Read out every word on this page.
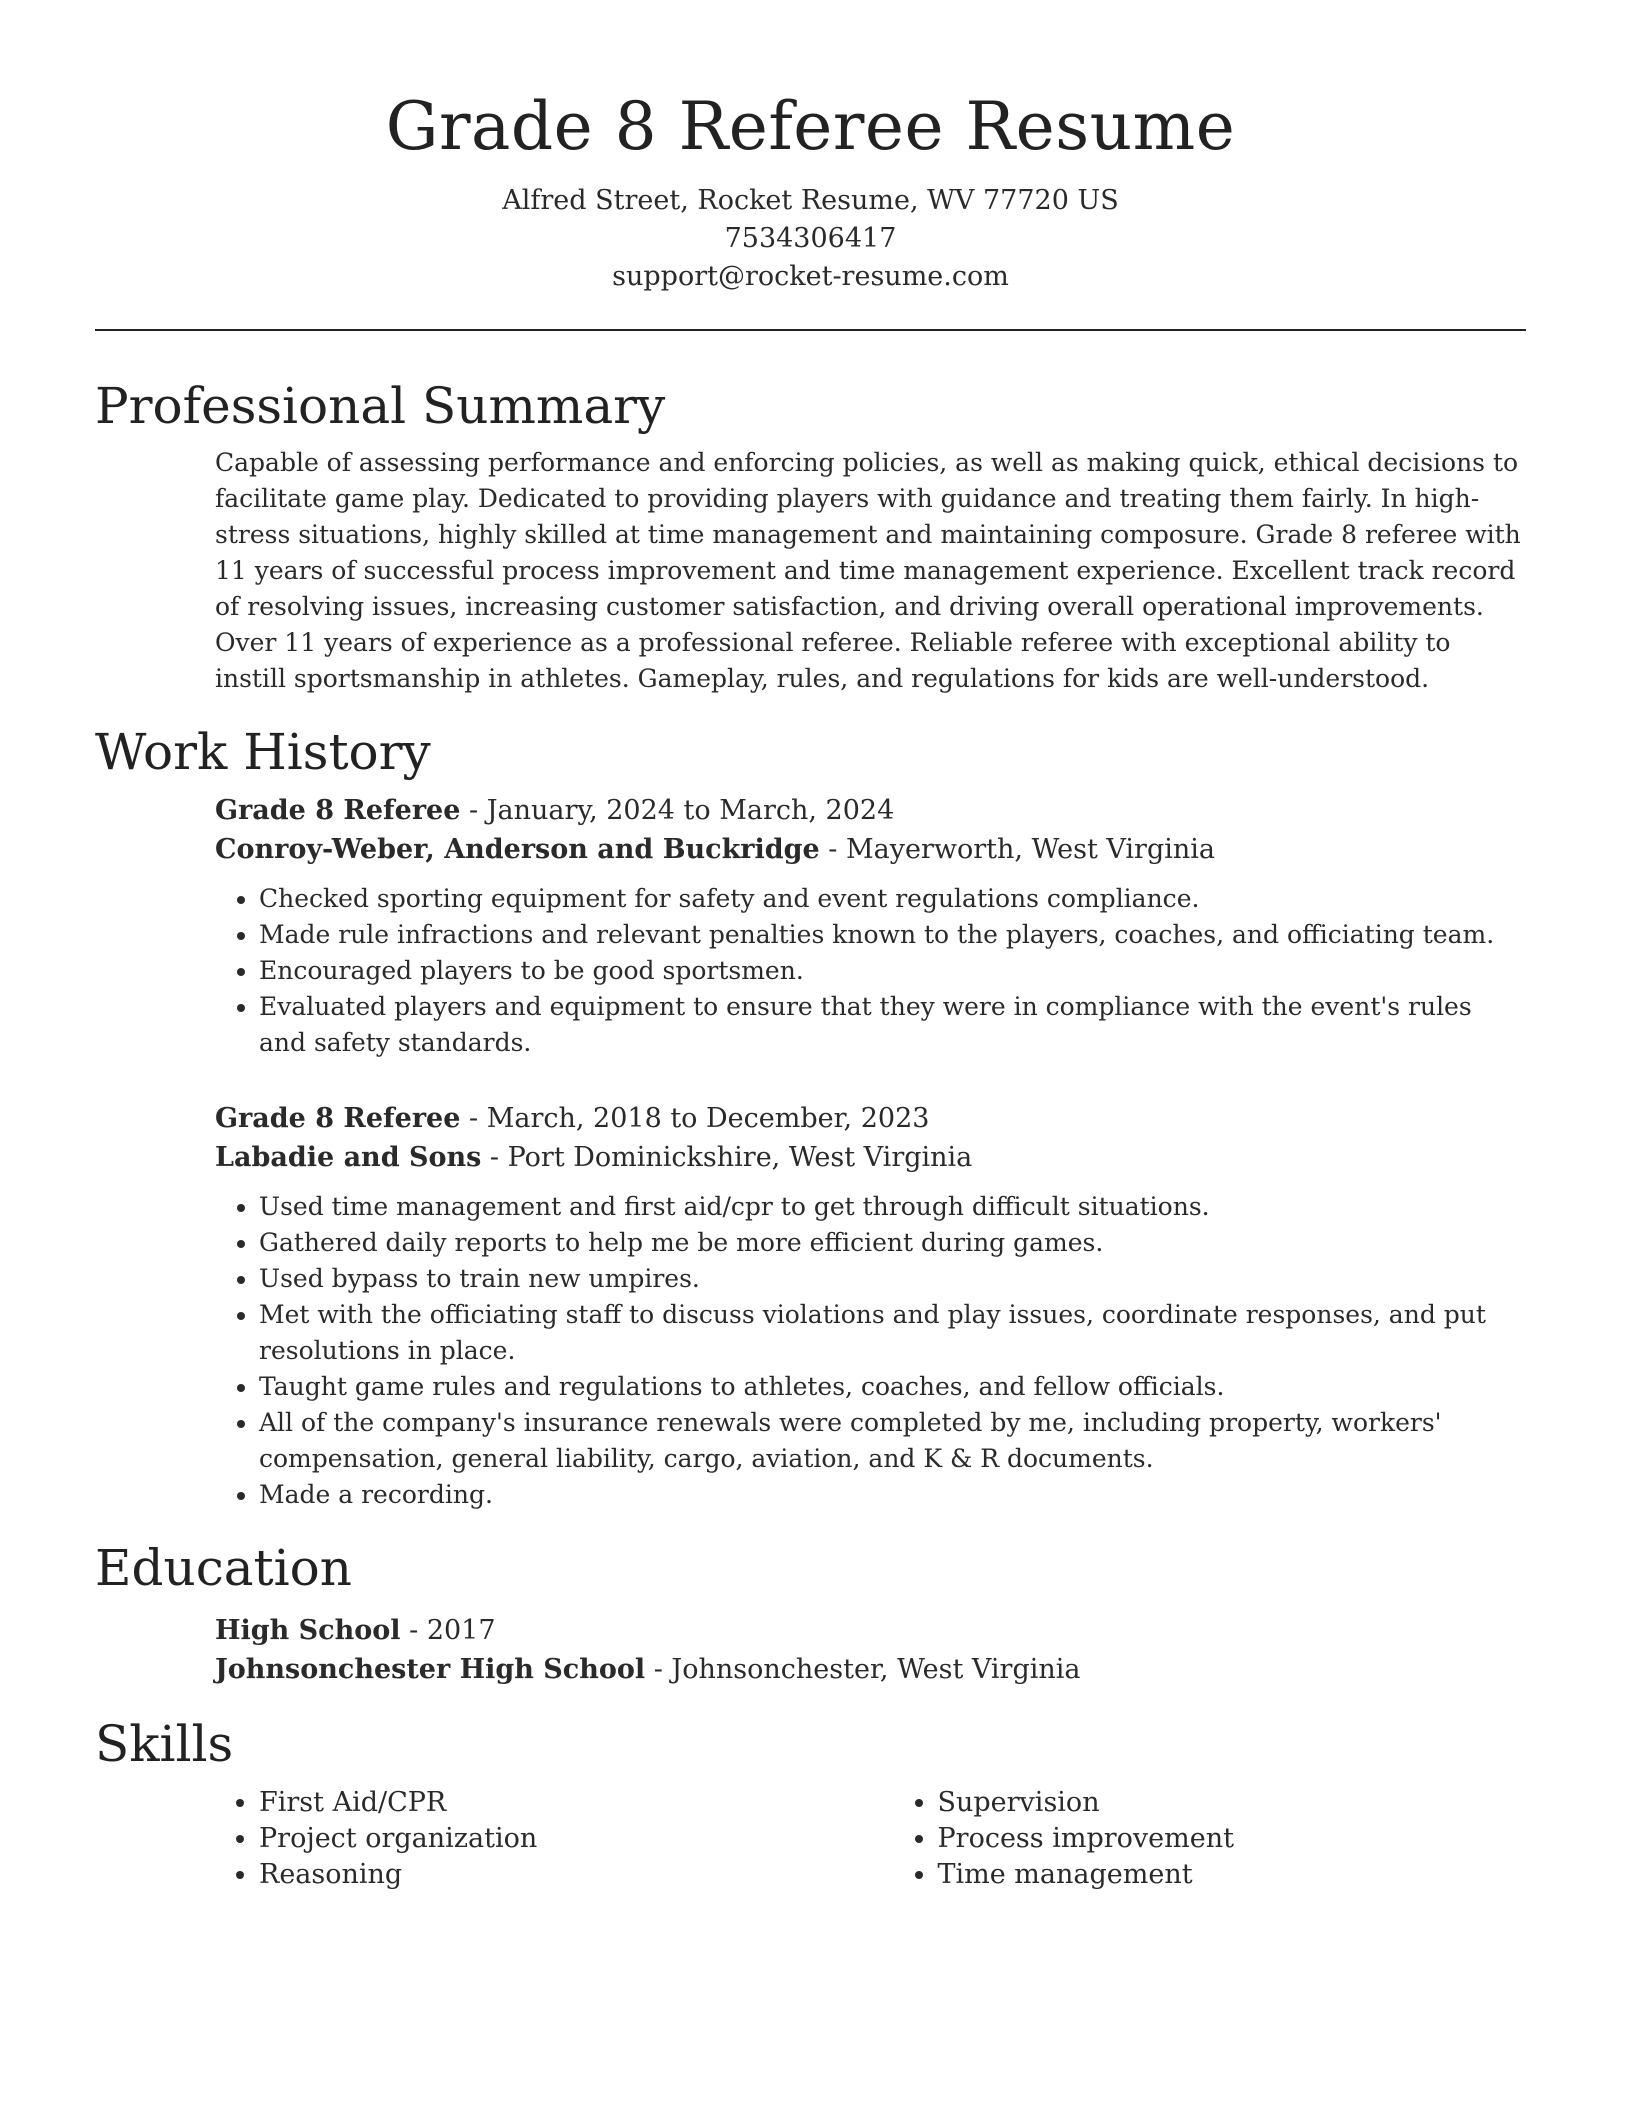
Grade 8 Referee Resume
Alfred Street, Rocket Resume, WV 77720 US
7534306417
support@rocket-resume.com
Professional Summary

Capable of assessing performance and enforcing policies, as well as making quick, ethical decisions to facilitate game play. Dedicated to providing players with guidance and treating them fairly. In high-stress situations, highly skilled at time management and maintaining composure. Grade 8 referee with 11 years of successful process improvement and time management experience. Excellent track record of resolving issues, increasing customer satisfaction, and driving overall operational improvements. Over 11 years of experience as a professional referee. Reliable referee with exceptional ability to instill sportsmanship in athletes. Gameplay, rules, and regulations for kids are well-understood.

Work History
Grade 8 Referee - January, 2024 to March, 2024
Conroy-Weber, Anderson and Buckridge - Mayerworth, West Virginia
• Checked sporting equipment for safety and event regulations compliance.
• Made rule infractions and relevant penalties known to the players, coaches, and officiating team.
• Encouraged players to be good sportsmen.
• Evaluated players and equipment to ensure that they were in compliance with the event's rules and safety standards.
Grade 8 Referee - March, 2018 to December, 2023
Labadie and Sons - Port Dominickshire, West Virginia
• Used time management and first aid/cpr to get through difficult situations.
• Gathered daily reports to help me be more efficient during games.
• Used bypass to train new umpires.
• Met with the officiating staff to discuss violations and play issues, coordinate responses, and put resolutions in place.
• Taught game rules and regulations to athletes, coaches, and fellow officials.
• All of the company's insurance renewals were completed by me, including property, workers' compensation, general liability, cargo, aviation, and K & R documents.
• Made a recording.
Education
High School - 2017
Johnsonchester High School - Johnsonchester, West Virginia
Skills
• First Aid/CPR
• Project organization
• Reasoning
• Supervision
• Process improvement
• Time management
